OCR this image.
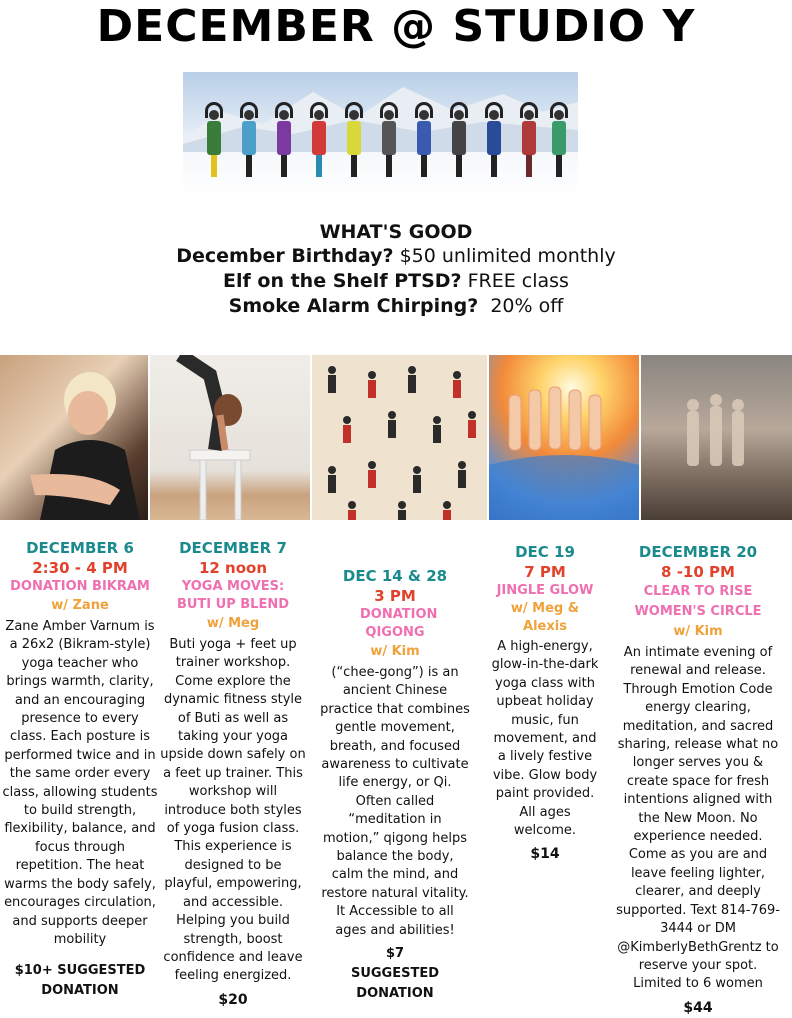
DECEMBER @ STUDIO Y
WHAT'S GOOD
December Birthday? $50 unlimited monthly
Elf on the Shelf PTSD? FREE class
Smoke Alarm Chirping?  20% off
DECEMBER 6
2:30 - 4 PM
DONATION BIKRAM
w/ Zane
Zane Amber Varnum is a 26x2 (Bikram-style) yoga teacher who brings warmth, clarity, and an encouraging presence to every class. Each posture is performed twice and in the same order every class, allowing students to build strength, flexibility, balance, and focus through repetition. The heat warms the body safely, encourages circulation, and supports deeper mobility
$10+ SUGGESTED DONATION
DECEMBER 7
12 noon
YOGA MOVES: BUTI UP BLEND
w/ Meg
Buti yoga + feet up trainer workshop. Come explore the dynamic fitness style of Buti as well as taking your yoga upside down safely on a feet up trainer. This workshop will introduce both styles of yoga fusion class. This experience is designed to be playful, empowering, and accessible. Helping you build strength, boost confidence and leave feeling energized.
$20
DEC 14 & 28
3 PM
DONATION QIGONG
w/ Kim
(“chee-gong”) is an ancient Chinese practice that combines gentle movement, breath, and focused awareness to cultivate life energy, or Qi. Often called “meditation in motion,” qigong helps balance the body, calm the mind, and restore natural vitality. It Accessible to all ages and abilities!
$7 SUGGESTED DONATION
DEC 19
7 PM
JINGLE GLOW
w/ Meg & Alexis
A high-energy, glow-in-the-dark yoga class with upbeat holiday music, fun movement, and a lively festive vibe. Glow body paint provided. All ages welcome.
$14
DECEMBER 20
8 -10 PM
CLEAR TO RISE WOMEN'S CIRCLE
w/ Kim
An intimate evening of renewal and release. Through Emotion Code energy clearing, meditation, and sacred sharing, release what no longer serves you & create space for fresh intentions aligned with the New Moon. No experience needed. Come as you are and leave feeling lighter, clearer, and deeply supported. Text 814-769-3444 or DM @KimberlyBethGrentz to reserve your spot. Limited to 6 women
$44
